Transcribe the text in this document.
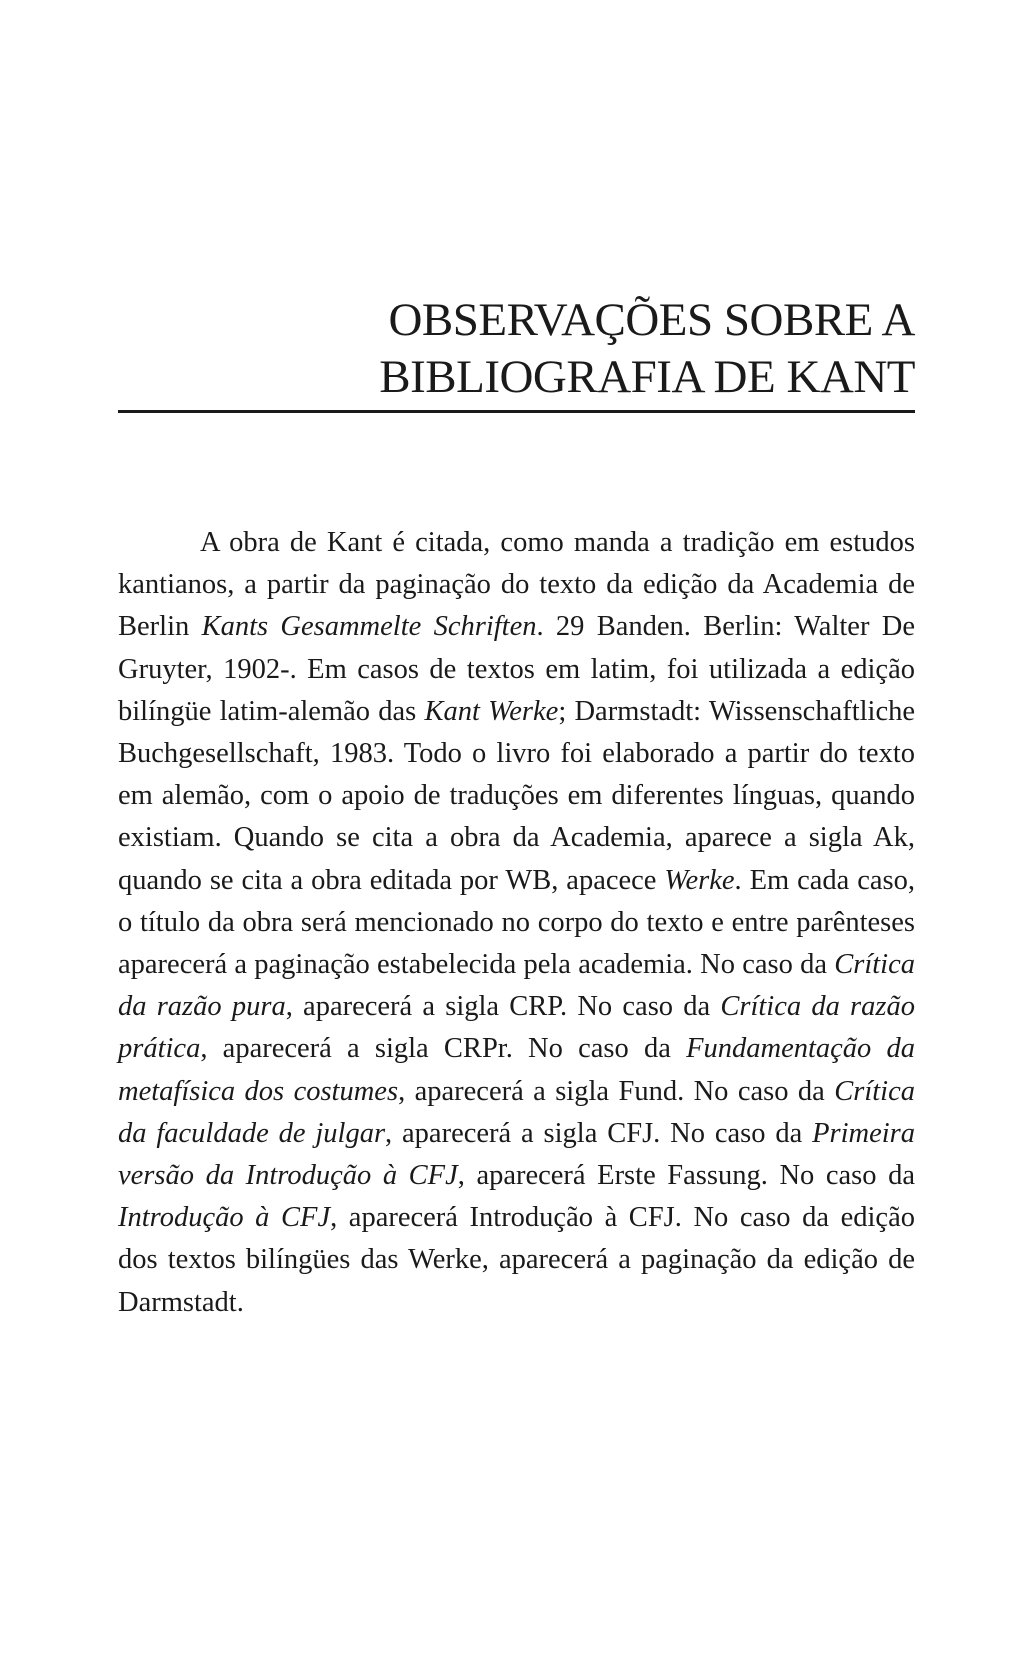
OBSERVAÇÕES SOBRE A
BIBLIOGRAFIA DE KANT

A obra de Kant é citada, como manda a tradição em estudos kantianos, a partir da paginação do texto da edição da Academia de Berlin Kants Gesammelte Schriften. 29 Banden. Berlin: Walter De Gruyter, 1902-. Em casos de textos em latim, foi utilizada a edição bilíngüe latim-alemão das Kant Werke; Darmstadt: Wissenschaftliche Buchgesellschaft, 1983. Todo o livro foi elaborado a partir do texto em alemão, com o apoio de traduções em diferentes línguas, quando existiam. Quando se cita a obra da Academia, aparece a sigla Ak, quando se cita a obra editada por WB, apacece Werke. Em cada caso, o título da obra será mencionado no corpo do texto e entre parênteses aparecerá a paginação estabelecida pela academia. No caso da Crítica da razão pura, aparecerá a sigla CRP. No caso da Crítica da razão prática, aparecerá a sigla CRPr. No caso da Fundamentação da metafísica dos costumes, aparecerá a sigla Fund. No caso da Crítica da faculdade de julgar, aparecerá a sigla CFJ. No caso da Primeira versão da Introdução à CFJ, aparecerá Erste Fassung. No caso da Introdução à CFJ, aparecerá Introdução à CFJ. No caso da edição dos textos bilíngües das Werke, aparecerá a paginação da edição de Darmstadt.
